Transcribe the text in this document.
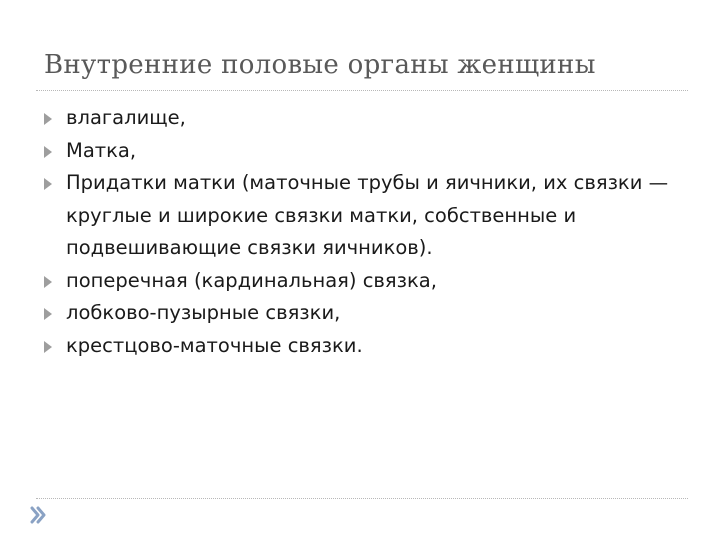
Внутренние половые органы женщины
влагалище,
Матка,
Придатки матки (маточные трубы и яичники, их связки — круглые и широкие связки матки, собственные и подвешивающие связки яичников).
поперечная (кардинальная) связка,
лобково-пузырные связки,
крестцово-маточные связки.
